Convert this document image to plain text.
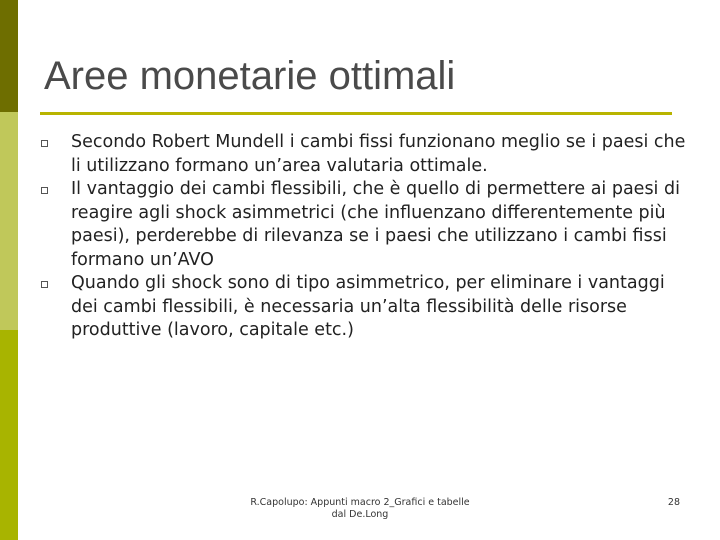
Aree monetarie ottimali
Secondo Robert Mundell i cambi fissi funzionano meglio se i paesi che li utilizzano formano un’area valutaria ottimale.
Il vantaggio dei cambi flessibili, che è quello di permettere ai paesi di reagire agli shock asimmetrici (che influenzano differentemente più paesi), perderebbe di rilevanza se i paesi che utilizzano i cambi fissi formano un’AVO
Quando gli shock sono di tipo asimmetrico, per eliminare i vantaggi dei cambi flessibili, è necessaria un’alta flessibilità delle risorse produttive (lavoro, capitale etc.)
R.Capolupo: Appunti macro 2_Grafici e tabelle dal De.Long
28
